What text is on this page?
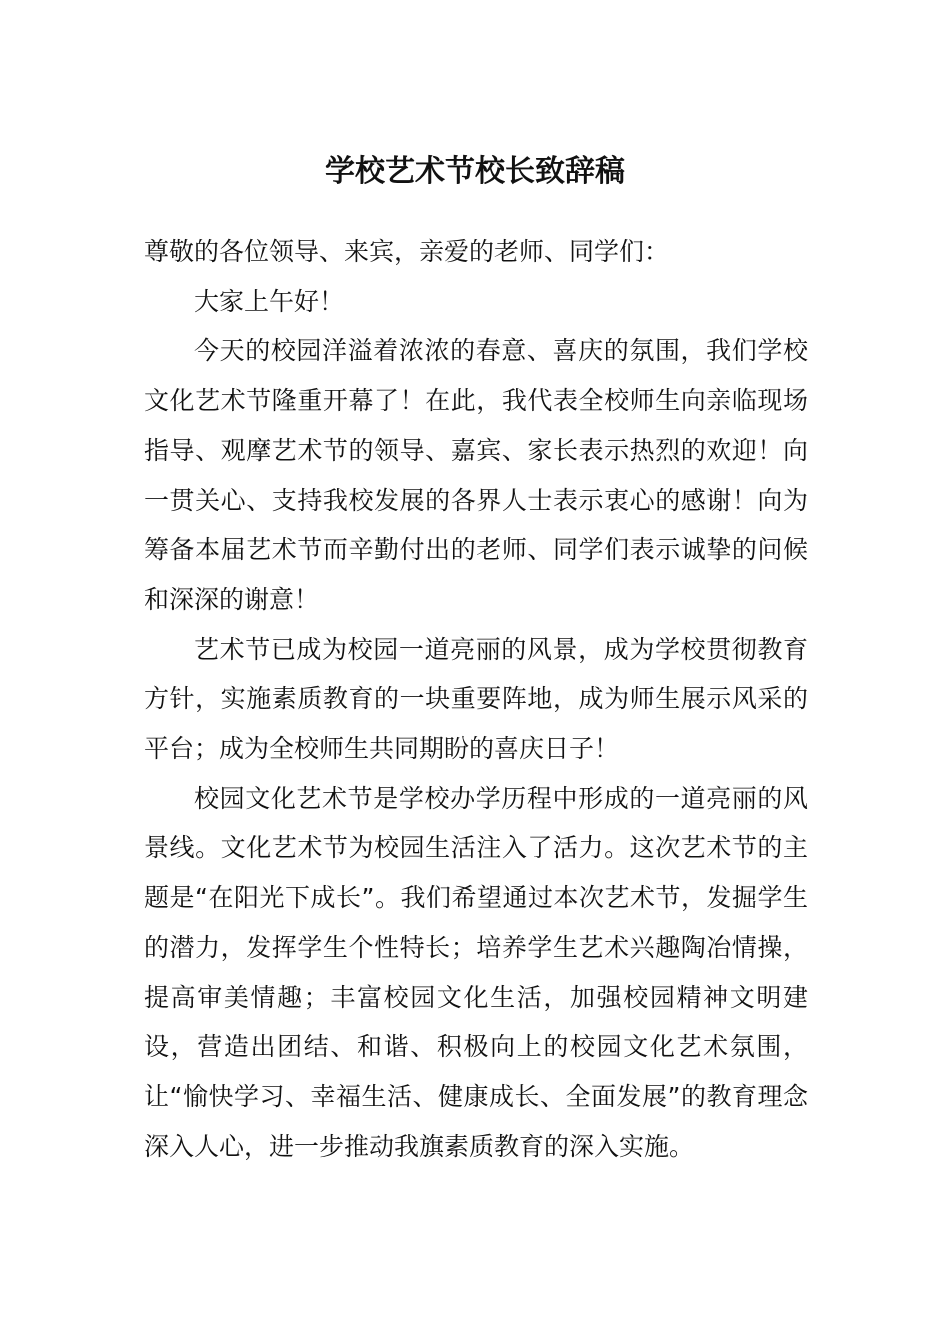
学校艺术节校长致辞稿

尊敬的各位领导、来宾，亲爱的老师、同学们：

大家上午好！

今天的校园洋溢着浓浓的春意、喜庆的氛围，我们学校文化艺术节隆重开幕了！在此，我代表全校师生向亲临现场指导、观摩艺术节的领导、嘉宾、家长表示热烈的欢迎！向一贯关心、支持我校发展的各界人士表示衷心的感谢！向为筹备本届艺术节而辛勤付出的老师、同学们表示诚挚的问候和深深的谢意！

艺术节已成为校园一道亮丽的风景，成为学校贯彻教育方针，实施素质教育的一块重要阵地，成为师生展示风采的平台；成为全校师生共同期盼的喜庆日子！

校园文化艺术节是学校办学历程中形成的一道亮丽的风景线。文化艺术节为校园生活注入了活力。这次艺术节的主题是“在阳光下成长”。我们希望通过本次艺术节，发掘学生的潜力，发挥学生个性特长；培养学生艺术兴趣陶冶情操，提高审美情趣；丰富校园文化生活，加强校园精神文明建设，营造出团结、和谐、积极向上的校园文化艺术氛围，让“愉快学习、幸福生活、健康成长、全面发展”的教育理念深入人心，进一步推动我旗素质教育的深入实施。
